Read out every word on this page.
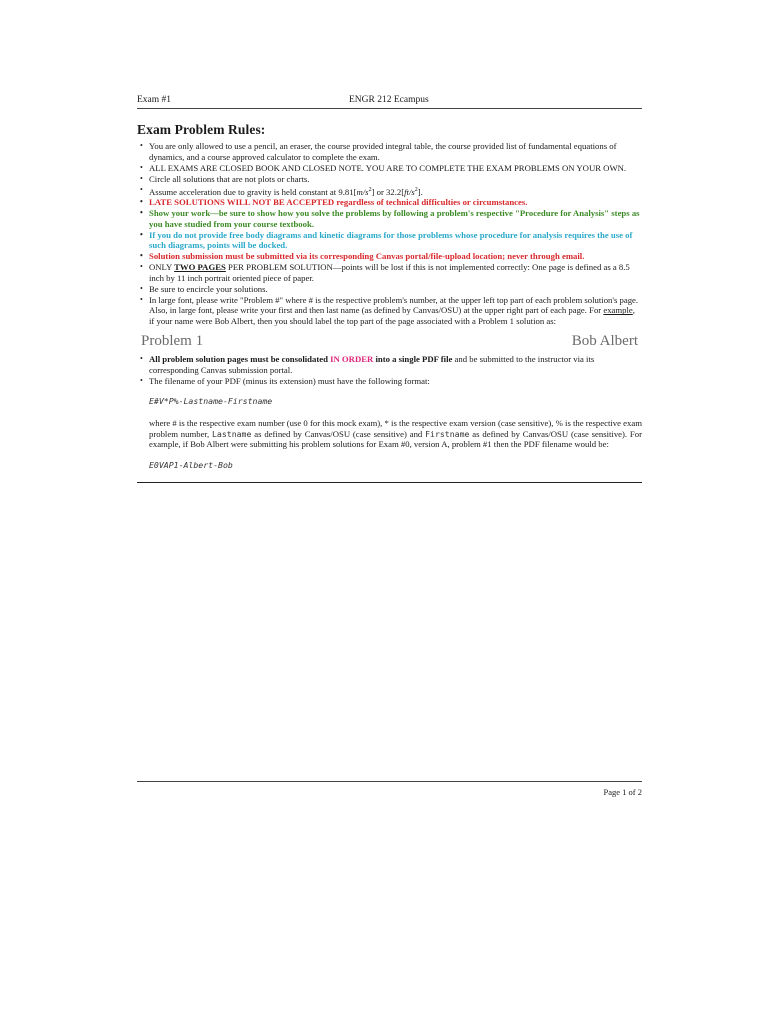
Exam #1	ENGR 212 Ecampus
Exam Problem Rules:
• You are only allowed to use a pencil, an eraser, the course provided integral table, the course provided list of fundamental equations of dynamics, and a course approved calculator to complete the exam.
• ALL EXAMS ARE CLOSED BOOK AND CLOSED NOTE. YOU ARE TO COMPLETE THE EXAM PROBLEMS ON YOUR OWN.
• Circle all solutions that are not plots or charts.
• Assume acceleration due to gravity is held constant at $9.81[m/s^2]$ or $32.2[ft/s^2]$.
• LATE SOLUTIONS WILL NOT BE ACCEPTED regardless of technical difficulties or circumstances.
• Show your work—be sure to show how you solve the problems by following a problem's respective "Procedure for Analysis" steps as you have studied from your course textbook.
• If you do not provide free body diagrams and kinetic diagrams for those problems whose procedure for analysis requires the use of such diagrams, points will be docked.
• Solution submission must be submitted via its corresponding Canvas portal/file-upload location; never through email.
• ONLY TWO PAGES PER PROBLEM SOLUTION—points will be lost if this is not implemented correctly: One page is defined as a 8.5 inch by 11 inch portrait oriented piece of paper.
• Be sure to encircle your solutions.
• In large font, please write "Problem #" where # is the respective problem's number, at the upper left top part of each problem solution's page. Also, in large font, please write your first and then last name (as defined by Canvas/OSU) at the upper right part of each page. For example, if your name were Bob Albert, then you should label the top part of the page associated with a Problem 1 solution as:
Problem 1	Bob Albert
• All problem solution pages must be consolidated IN ORDER into a single PDF file and be submitted to the instructor via its corresponding Canvas submission portal.
• The filename of your PDF (minus its extension) must have the following format:
E#V*P%-Lastname-Firstname
where # is the respective exam number (use 0 for this mock exam), * is the respective exam version (case sensitive), % is the respective exam problem number, Lastname as defined by Canvas/OSU (case sensitive) and Firstname as defined by Canvas/OSU (case sensitive). For example, if Bob Albert were submitting his problem solutions for Exam #0, version A, problem #1 then the PDF filename would be:
E0VAP1-Albert-Bob
Page 1 of 2
